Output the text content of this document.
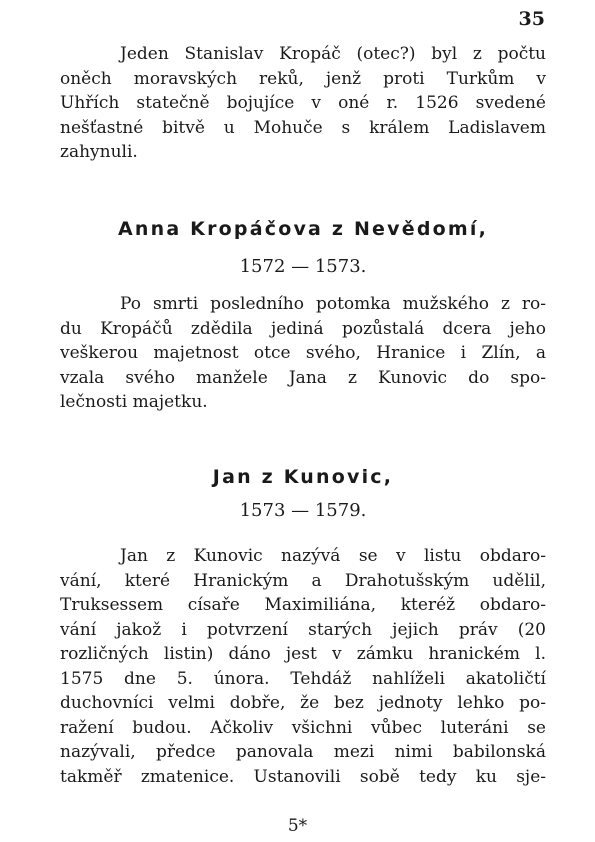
35
Jeden Stanislav Kropáč (otec?) byl z počtu
oněch moravských reků, jenž proti Turkům v
Uhřích statečně bojujíce v oné r. 1526 svedené
nešťastné bitvě u Mohuče s králem Ladislavem
zahynuli.
Anna Kropáčova z Nevědomí,
1572 — 1573.
Po smrti posledního potomka mužského z ro-
du Kropáčů zdědila jediná pozůstalá dcera jeho
veškerou majetnost otce svého, Hranice i Zlín, a
vzala svého manžele Jana z Kunovic do spo-
lečnosti majetku.
Jan z Kunovic,
1573 — 1579.
Jan z Kunovic nazývá se v listu obdaro-
vání, které Hranickým a Drahotušským udělil,
Truksessem císaře Maximiliána, kteréž obdaro-
vání jakož i potvrzení starých jejich práv (20
rozličných listin) dáno jest v zámku hranickém l.
1575 dne 5. února. Tehdáž nahlíželi akatoličtí
duchovníci velmi dobře, že bez jednoty lehko po-
ražení budou. Ačkoliv všichni vůbec luteráni se
nazývali, předce panovala mezi nimi babilonská
takměř zmatenice. Ustanovili sobě tedy ku sje-
5*
